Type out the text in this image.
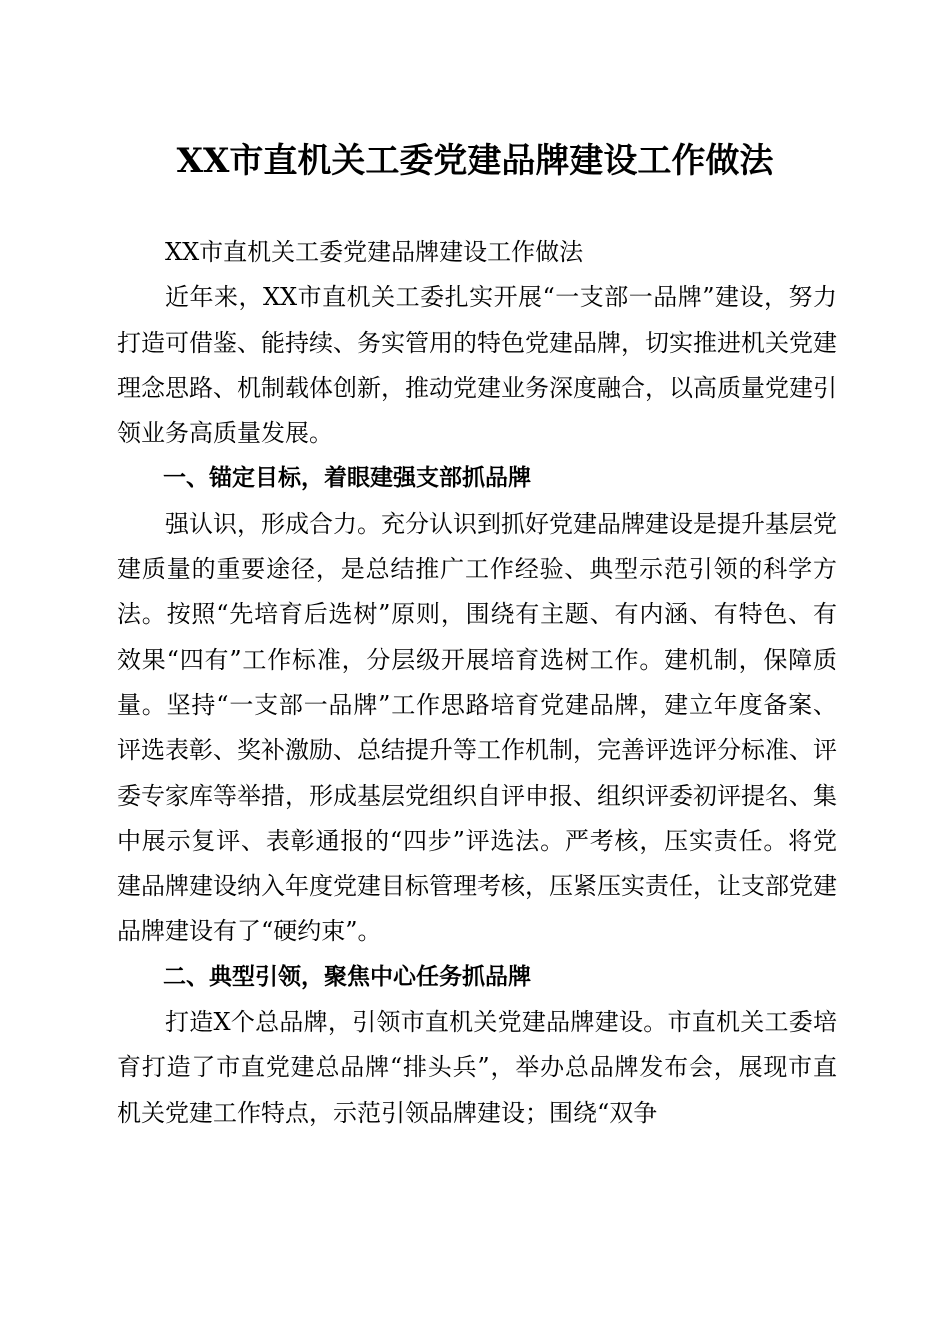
XX市直机关工委党建品牌建设工作做法

XX市直机关工委党建品牌建设工作做法

近年来，XX市直机关工委扎实开展“一支部一品牌”建设，努力打造可借鉴、能持续、务实管用的特色党建品牌，切实推进机关党建理念思路、机制载体创新，推动党建业务深度融合，以高质量党建引领业务高质量发展。

一、锚定目标，着眼建强支部抓品牌

强认识，形成合力。充分认识到抓好党建品牌建设是提升基层党建质量的重要途径，是总结推广工作经验、典型示范引领的科学方法。按照“先培育后选树”原则，围绕有主题、有内涵、有特色、有效果“四有”工作标准，分层级开展培育选树工作。建机制，保障质量。坚持“一支部一品牌”工作思路培育党建品牌，建立年度备案、评选表彰、奖补激励、总结提升等工作机制，完善评选评分标准、评委专家库等举措，形成基层党组织自评申报、组织评委初评提名、集中展示复评、表彰通报的“四步”评选法。严考核，压实责任。将党建品牌建设纳入年度党建目标管理考核，压紧压实责任，让支部党建品牌建设有了“硬约束”。

二、典型引领，聚焦中心任务抓品牌

打造X个总品牌，引领市直机关党建品牌建设。市直机关工委培育打造了市直党建总品牌“排头兵”，举办总品牌发布会，展现市直机关党建工作特点，示范引领品牌建设；围绕“双争
